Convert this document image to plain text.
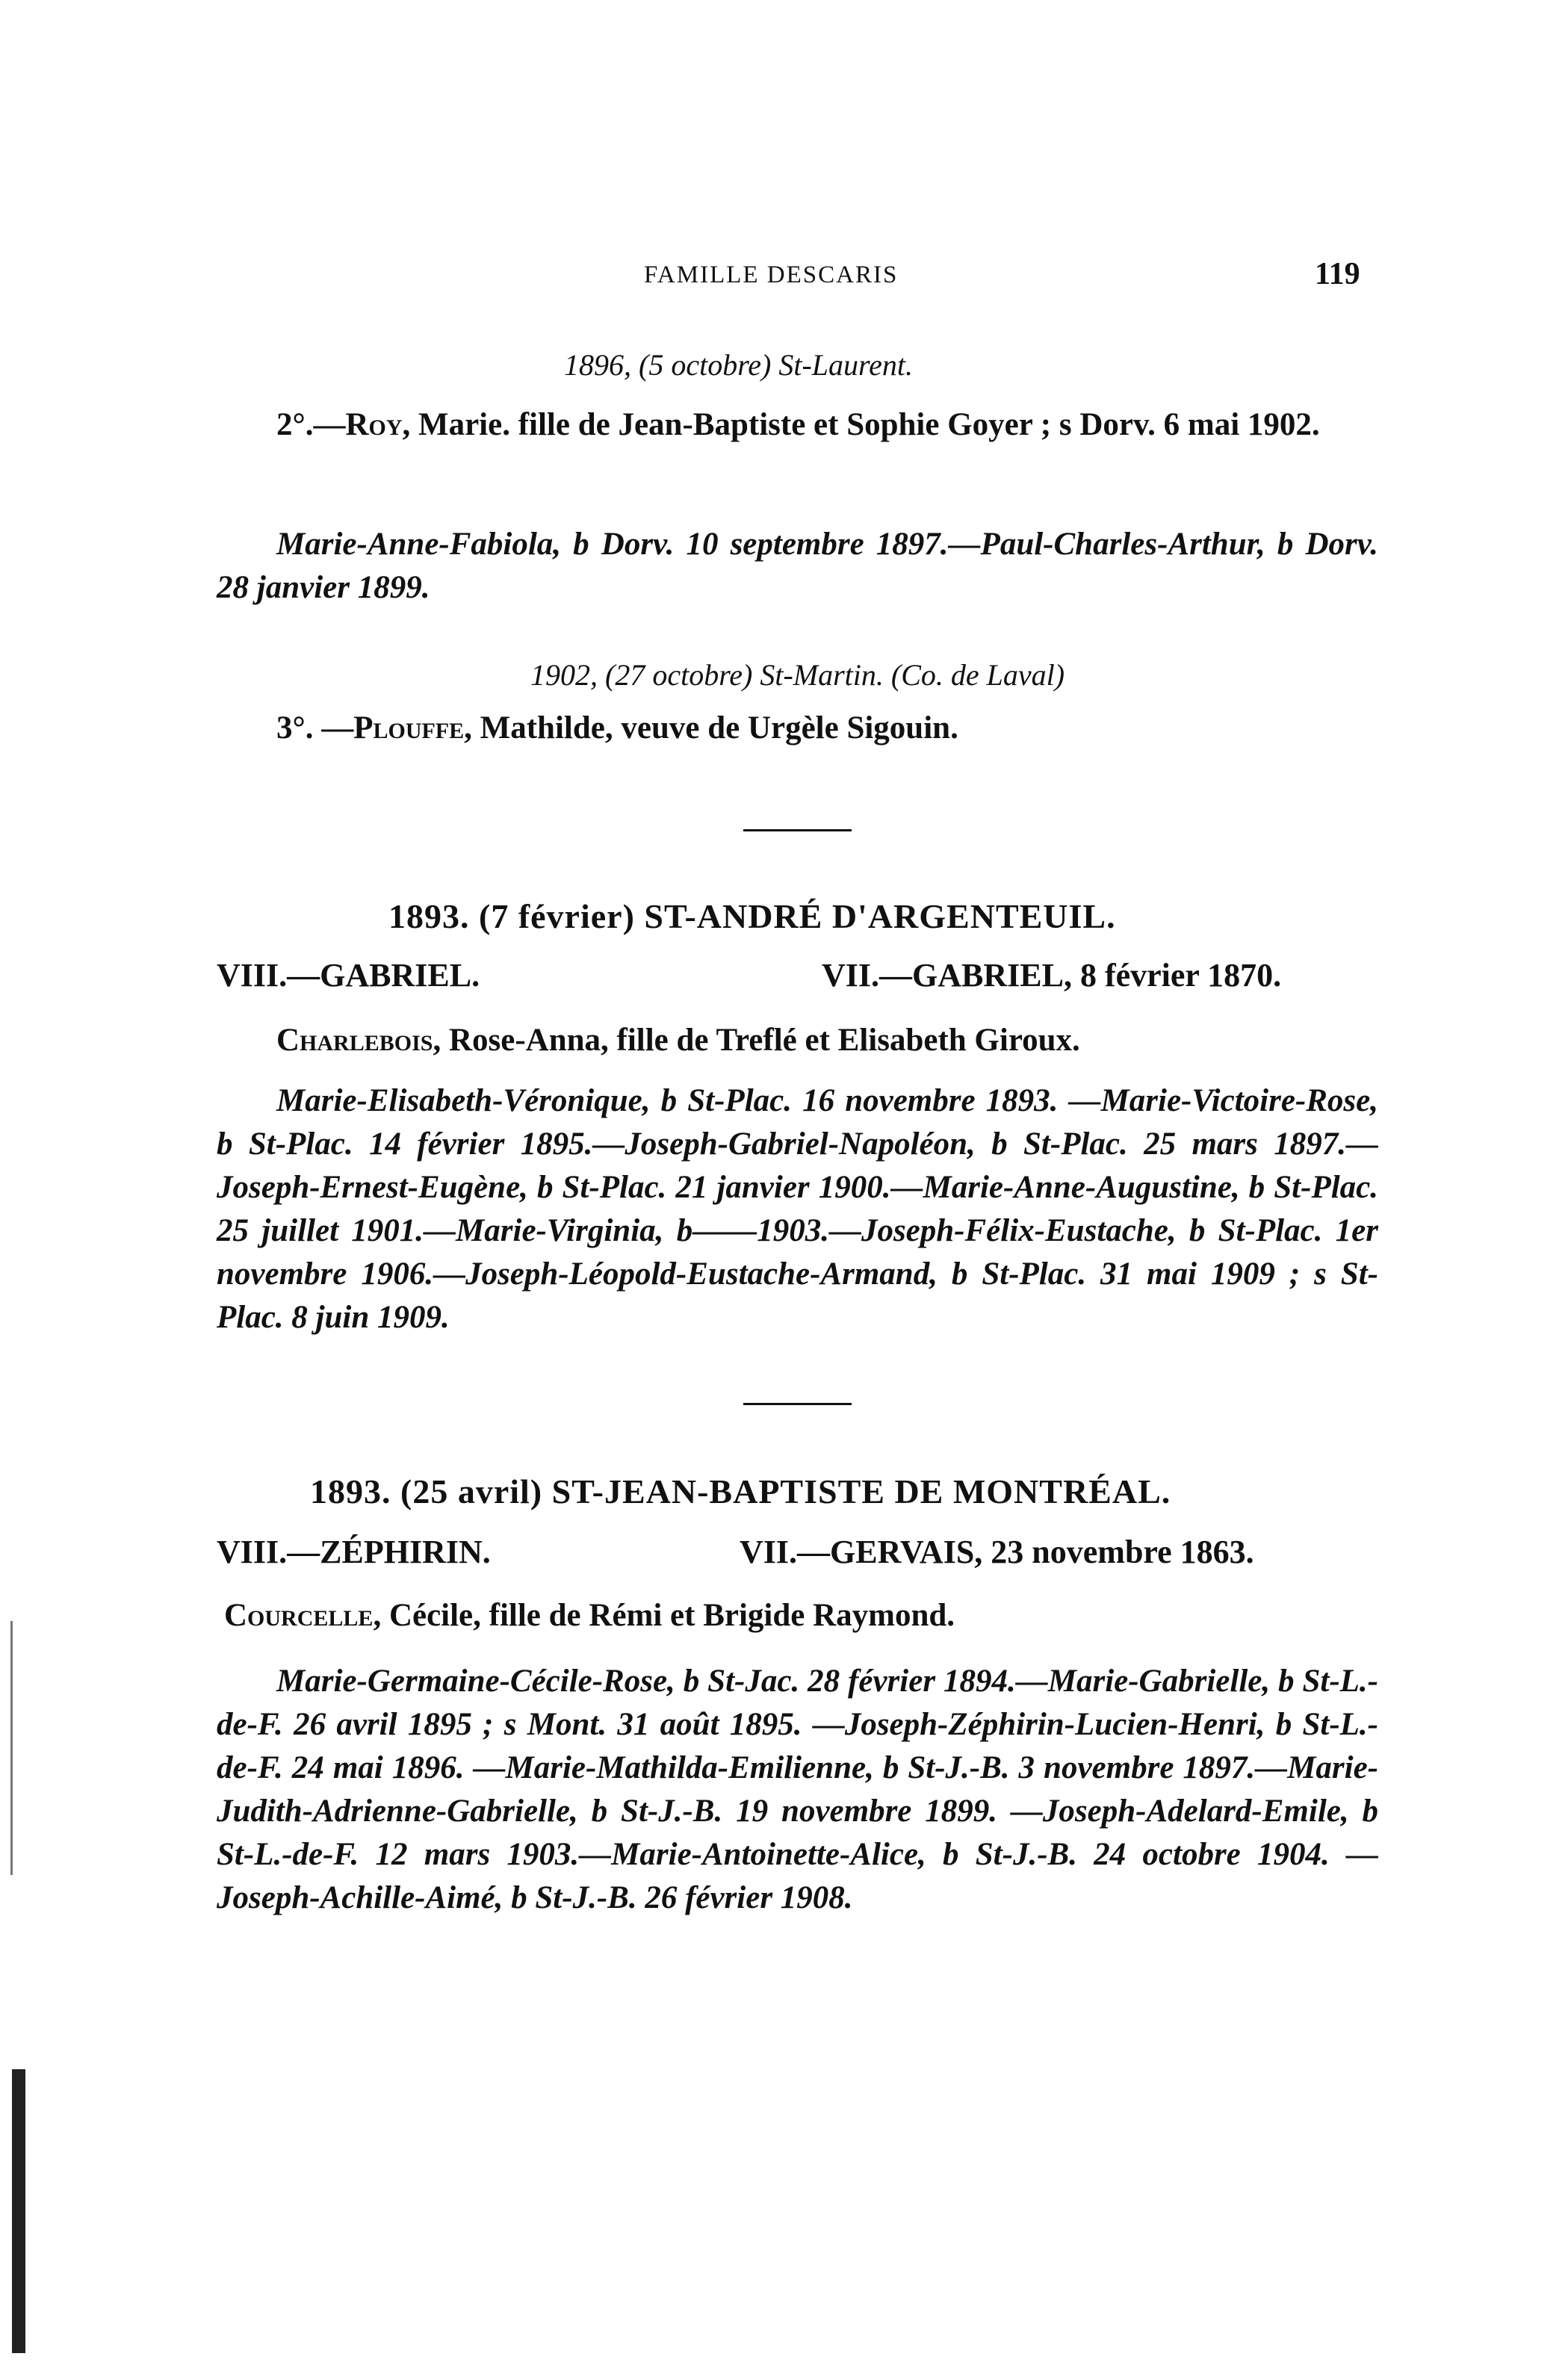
FAMILLE DESCARIS	119
1896, (5 octobre) St-Laurent.
2°.—Roy, Marie. fille de Jean-Baptiste et Sophie Goyer ; s Dorv. 6 mai 1902.
Marie-Anne-Fabiola, b Dorv. 10 septembre 1897.—Paul-Charles-Arthur, b Dorv. 28 janvier 1899.
1902, (27 octobre) St-Martin. (Co. de Laval)
3°. —Plouffe, Mathilde, veuve de Urgèle Sigouin.
1893. (7 février) ST-ANDRÉ D'ARGENTEUIL.
VIII.—GABRIEL.	VII.—GABRIEL, 8 février 1870.
Charlebois, Rose-Anna, fille de Treflé et Elisabeth Giroux.
Marie-Elisabeth-Véronique, b St-Plac. 16 novembre 1893. —Marie-Victoire-Rose, b St-Plac. 14 février 1895.—Joseph-Gabriel-Napoléon, b St-Plac. 25 mars 1897.—Joseph-Ernest-Eugène, b St-Plac. 21 janvier 1900.—Marie-Anne-Augustine, b St-Plac. 25 juillet 1901.—Marie-Virginia, b——1903.—Joseph-Félix-Eustache, b St-Plac. 1er novembre 1906.—Joseph-Léopold-Eustache-Armand, b St-Plac. 31 mai 1909 ; s St-Plac. 8 juin 1909.
1893. (25 avril) ST-JEAN-BAPTISTE DE MONTRÉAL.
VIII.—ZÉPHIRIN.	VII.—GERVAIS, 23 novembre 1863.
Courcelle, Cécile, fille de Rémi et Brigide Raymond.
Marie-Germaine-Cécile-Rose, b St-Jac. 28 février 1894.—Marie-Gabrielle, b St-L.-de-F. 26 avril 1895 ; s Mont. 31 août 1895. —Joseph-Zéphirin-Lucien-Henri, b St-L.-de-F. 24 mai 1896. —Marie-Mathilda-Emilienne, b St-J.-B. 3 novembre 1897.—Marie-Judith-Adrienne-Gabrielle, b St-J.-B. 19 novembre 1899. —Joseph-Adelard-Emile, b St-L.-de-F. 12 mars 1903.—Marie-Antoinette-Alice, b St-J.-B. 24 octobre 1904. —Joseph-Achille-Aimé, b St-J.-B. 26 février 1908.
